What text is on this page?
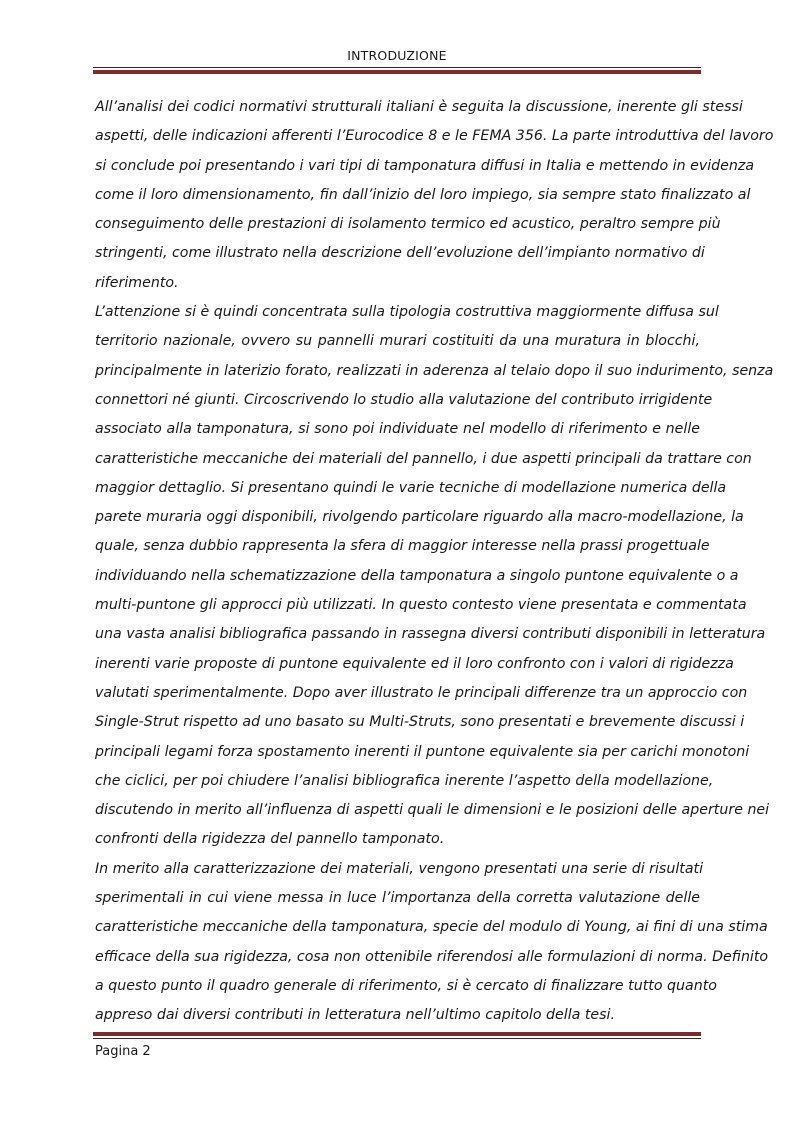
INTRODUZIONE
All’analisi dei codici normativi strutturali italiani è seguita la discussione, inerente gli stessi
aspetti, delle indicazioni afferenti l’Eurocodice 8 e le FEMA 356. La parte introduttiva del lavoro
si conclude poi presentando i vari tipi di tamponatura diffusi in Italia e mettendo in evidenza
come il loro dimensionamento, fin dall’inizio del loro impiego, sia sempre stato finalizzato al
conseguimento delle prestazioni di isolamento termico ed acustico, peraltro sempre più
stringenti, come illustrato nella descrizione dell’evoluzione dell’impianto normativo di
riferimento.
L’attenzione si è quindi concentrata sulla tipologia costruttiva maggiormente diffusa sul
territorio nazionale, ovvero su pannelli murari costituiti da una muratura in blocchi,
principalmente in laterizio forato, realizzati in aderenza al telaio dopo il suo indurimento, senza
connettori né giunti. Circoscrivendo lo studio alla valutazione del contributo irrigidente
associato alla tamponatura, si sono poi individuate nel modello di riferimento e nelle
caratteristiche meccaniche dei materiali del pannello, i due aspetti principali da trattare con
maggior dettaglio. Si presentano quindi le varie tecniche di modellazione numerica della
parete muraria oggi disponibili, rivolgendo particolare riguardo alla macro-modellazione, la
quale, senza dubbio rappresenta la sfera di maggior interesse nella prassi progettuale
individuando nella schematizzazione della tamponatura a singolo puntone equivalente o a
multi-puntone gli approcci più utilizzati. In questo contesto viene presentata e commentata
una vasta analisi bibliografica passando in rassegna diversi contributi disponibili in letteratura
inerenti varie proposte di puntone equivalente ed il loro confronto con i valori di rigidezza
valutati sperimentalmente. Dopo aver illustrato le principali differenze tra un approccio con
Single-Strut rispetto ad uno basato su Multi-Struts, sono presentati e brevemente discussi i
principali legami forza spostamento inerenti il puntone equivalente sia per carichi monotoni
che ciclici, per poi chiudere l’analisi bibliografica inerente l’aspetto della modellazione,
discutendo in merito all’influenza di aspetti quali le dimensioni e le posizioni delle aperture nei
confronti della rigidezza del pannello tamponato.
In merito alla caratterizzazione dei materiali, vengono presentati una serie di risultati
sperimentali in cui viene messa in luce l’importanza della corretta valutazione delle
caratteristiche meccaniche della tamponatura, specie del modulo di Young, ai fini di una stima
efficace della sua rigidezza, cosa non ottenibile riferendosi alle formulazioni di norma. Definito
a questo punto il quadro generale di riferimento, si è cercato di finalizzare tutto quanto
appreso dai diversi contributi in letteratura nell’ultimo capitolo della tesi.
Pagina 2
